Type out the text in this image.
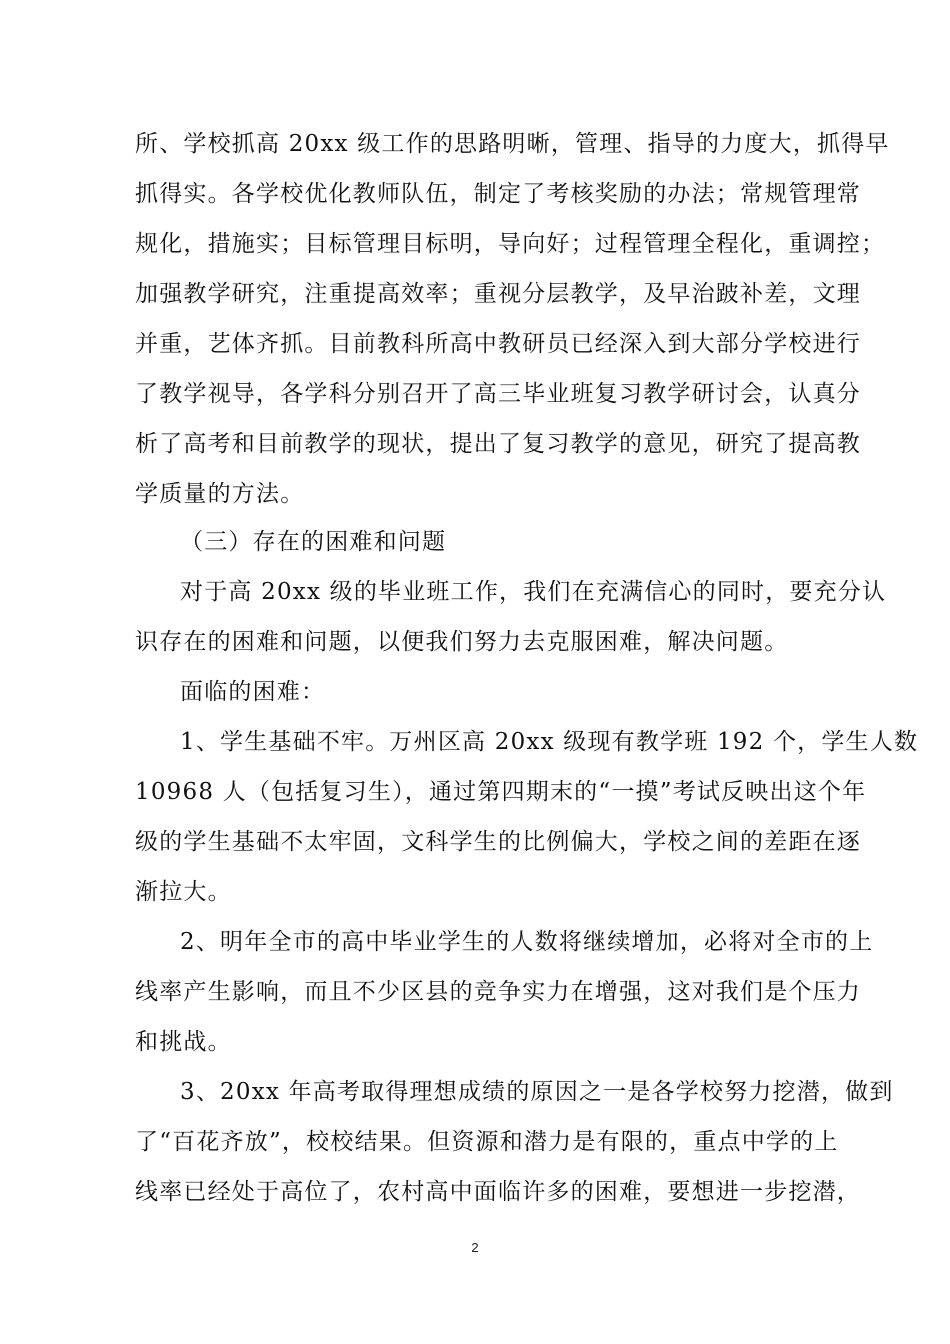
所、学校抓高 20xx 级工作的思路明晰，管理、指导的力度大，抓得早
抓得实。各学校优化教师队伍，制定了考核奖励的办法；常规管理常
规化，措施实；目标管理目标明，导向好；过程管理全程化，重调控；
加强教学研究，注重提高效率；重视分层教学，及早治跛补差，文理
并重，艺体齐抓。目前教科所高中教研员已经深入到大部分学校进行
了教学视导，各学科分别召开了高三毕业班复习教学研讨会，认真分
析了高考和目前教学的现状，提出了复习教学的意见，研究了提高教
学质量的方法。
（三）存在的困难和问题
对于高 20xx 级的毕业班工作，我们在充满信心的同时，要充分认
识存在的困难和问题，以便我们努力去克服困难，解决问题。
面临的困难：
1、学生基础不牢。万州区高 20xx 级现有教学班 192 个，学生人数
10968 人（包括复习生），通过第四期末的“一摸”考试反映出这个年
级的学生基础不太牢固，文科学生的比例偏大，学校之间的差距在逐
渐拉大。
2、明年全市的高中毕业学生的人数将继续增加，必将对全市的上
线率产生影响，而且不少区县的竞争实力在增强，这对我们是个压力
和挑战。
3、20xx 年高考取得理想成绩的原因之一是各学校努力挖潜，做到
了“百花齐放”，校校结果。但资源和潜力是有限的，重点中学的上
线率已经处于高位了，农村高中面临许多的困难，要想进一步挖潜，
2
